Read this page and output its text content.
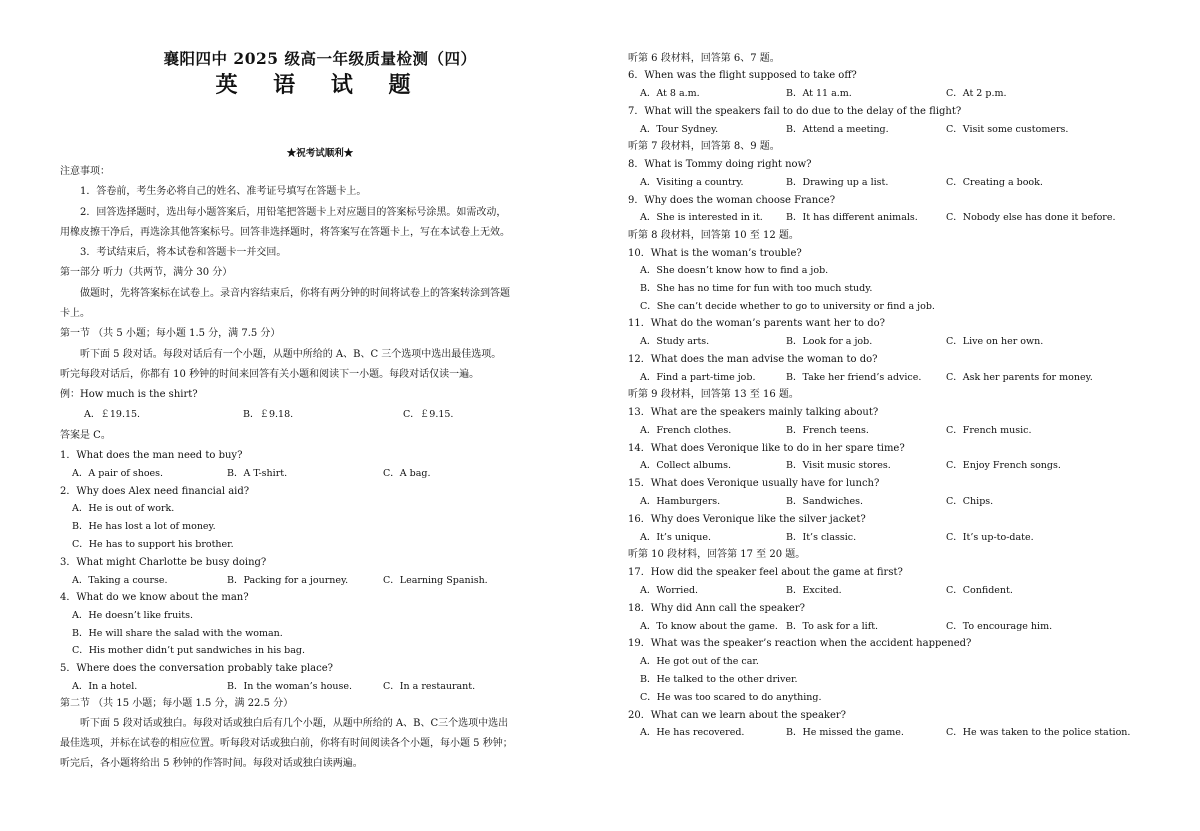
襄阳四中 2025 级高一年级质量检测（四）
英 语 试 题
★祝考试顺利★
注意事项：
1．答卷前，考生务必将自己的姓名、准考证号填写在答题卡上。
2．回答选择题时，选出每小题答案后，用铅笔把答题卡上对应题目的答案标号涂黑。如需改动，
用橡皮擦干净后，再选涂其他答案标号。回答非选择题时，将答案写在答题卡上，写在本试卷上无效。
3．考试结束后，将本试卷和答题卡一并交回。
第一部分 听力（共两节，满分 30 分）
做题时，先将答案标在试卷上。录音内容结束后，你将有两分钟的时间将试卷上的答案转涂到答题
卡上。
第一节 （共 5 小题；每小题 1.5 分，满 7.5 分）
听下面 5 段对话。每段对话后有一个小题，从题中所给的 A、B、C 三个选项中选出最佳选项。
听完每段对话后，你都有 10 秒钟的时间来回答有关小题和阅读下一小题。每段对话仅读一遍。
例：How much is the shirt?
A．￡19.15.	B．￡9.18.	C．￡9.15.
答案是 C。
1．What does the man need to buy?
A．A pair of shoes.	B．A T-shirt.	C．A bag.
2．Why does Alex need financial aid?
A．He is out of work.
B．He has lost a lot of money.
C．He has to support his brother.
3．What might Charlotte be busy doing?
A．Taking a course.	B．Packing for a journey.	C．Learning Spanish.
4．What do we know about the man?
A．He doesn’t like fruits.
B．He will share the salad with the woman.
C．His mother didn’t put sandwiches in his bag.
5．Where does the conversation probably take place?
A．In a hotel.	B．In the woman’s house.	C．In a restaurant.
第二节 （共 15 小题；每小题 1.5 分，满 22.5 分）
听下面 5 段对话或独白。每段对话或独白后有几个小题，从题中所给的 A、B、C三个选项中选出
最佳选项，并标在试卷的相应位置。听每段对话或独白前，你将有时间阅读各个小题，每小题 5 秒钟；
听完后，各小题将给出 5 秒钟的作答时间。每段对话或独白读两遍。
听第 6 段材料，回答第 6、7 题。
6．When was the flight supposed to take off?
A．At 8 a.m.	B．At 11 a.m.	C．At 2 p.m.
7．What will the speakers fail to do due to the delay of the flight?
A．Tour Sydney.	B．Attend a meeting.	C．Visit some customers.
听第 7 段材料，回答第 8、9 题。
8．What is Tommy doing right now?
A．Visiting a country.	B．Drawing up a list.	C．Creating a book.
9．Why does the woman choose France?
A．She is interested in it. B．It has different animals.	C．Nobody else has done it before.
听第 8 段材料，回答第 10 至 12 题。
10．What is the woman’s trouble?
A．She doesn’t know how to find a job.
B．She has no time for fun with too much study.
C．She can’t decide whether to go to university or find a job.
11．What do the woman’s parents want her to do?
A．Study arts.	B．Look for a job.	C．Live on her own.
12．What does the man advise the woman to do?
A．Find a part-time job.	B．Take her friend’s advice.	C．Ask her parents for money.
听第 9 段材料，回答第 13 至 16 题。
13．What are the speakers mainly talking about?
A．French clothes.	B．French teens.	C．French music.
14．What does Veronique like to do in her spare time?
A．Collect albums.	B．Visit music stores.	C．Enjoy French songs.
15．What does Veronique usually have for lunch?
A．Hamburgers.	B．Sandwiches.	C．Chips.
16．Why does Veronique like the silver jacket?
A．It’s unique.	B．It’s classic.	C．It’s up-to-date.
听第 10 段材料，回答第 17 至 20 题。
17．How did the speaker feel about the game at first?
A．Worried.	B．Excited.	C．Confident.
18．Why did Ann call the speaker?
A．To know about the game. B．To ask for a lift.	C．To encourage him.
19．What was the speaker’s reaction when the accident happened?
A．He got out of the car.
B．He talked to the other driver.
C．He was too scared to do anything.
20．What can we learn about the speaker?
A．He has recovered.	B．He missed the game.	C．He was taken to the police station.
